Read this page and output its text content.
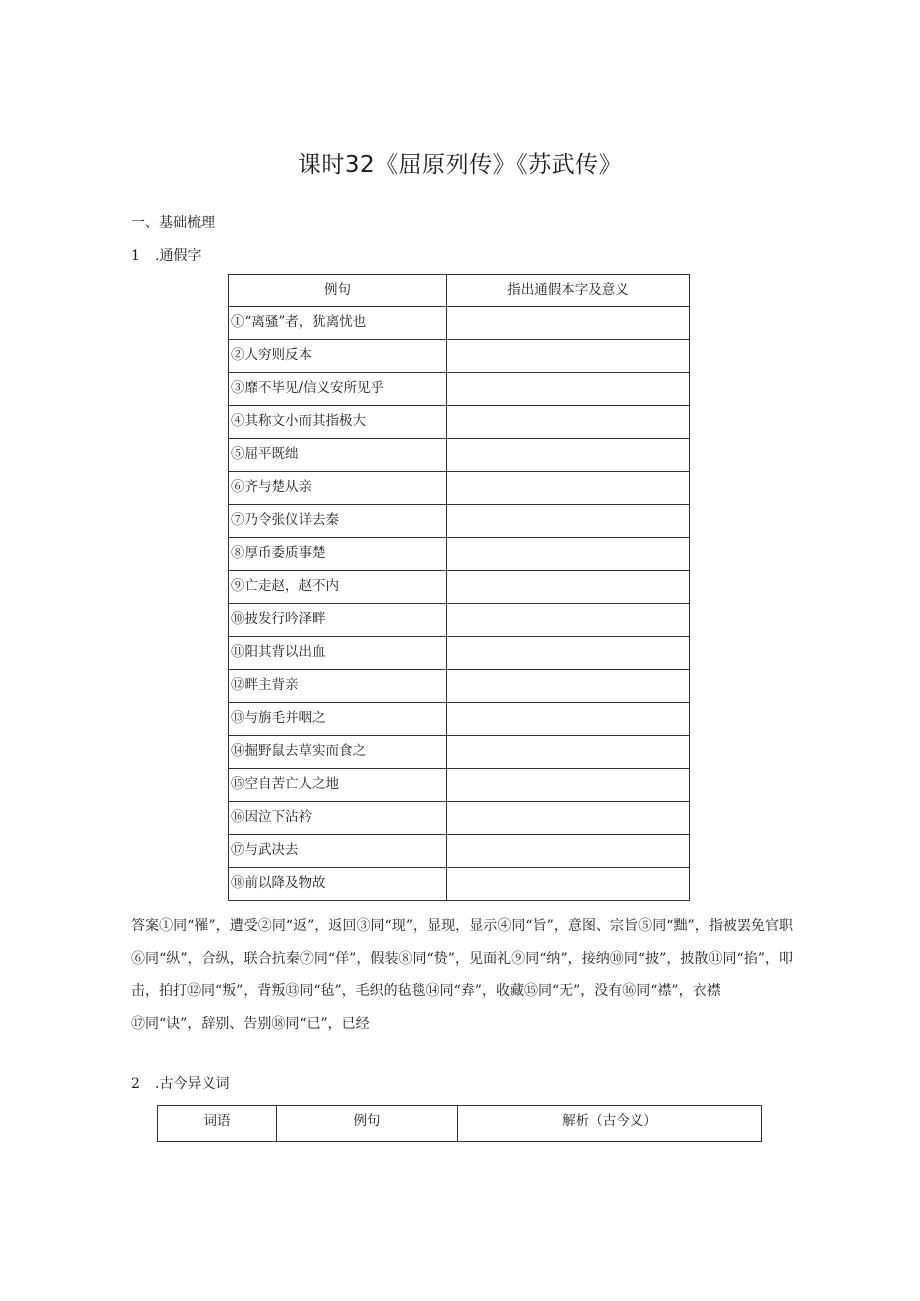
课时32《屈原列传》《苏武传》
一、基础梳理
1 .通假字
例句	指出通假本字及意义
①“离骚”者，犹离忧也	
②人穷则反本	
③靡不毕见/信义安所见乎	
④其称文小而其指极大	
⑤屈平既绌	
⑥齐与楚从亲	
⑦乃令张仪详去秦	
⑧厚币委质事楚	
⑨亡走赵，赵不内	
⑩披发行吟泽畔	
⑪阳其背以出血	
⑫畔主背亲	
⑬与旃毛并咽之	
⑭掘野鼠去草实而食之	
⑮空自苦亡人之地	
⑯因泣下沾衿	
⑰与武决去	
⑱前以降及物故	

答案①同“罹”，遭受②同“返”，返回③同“现”，显现，显示④同“旨”，意图、宗旨⑤同“黜”，指被罢免官职⑥同“纵”，合纵，联合抗秦⑦同“佯”，假装⑧同“贽”，见面礼⑨同“纳”，接纳⑩同“披”，披散⑪同“掐”，叩击，拍打⑫同“叛”，背叛⑬同“毡”，毛织的毡毯⑭同“弆”，收藏⑮同“无”，没有⑯同“襟”，衣襟

⑰同“诀”，辞别、告别⑱同“已”，已经

2 .古今异义词
词语	例句	解析（古今义）
